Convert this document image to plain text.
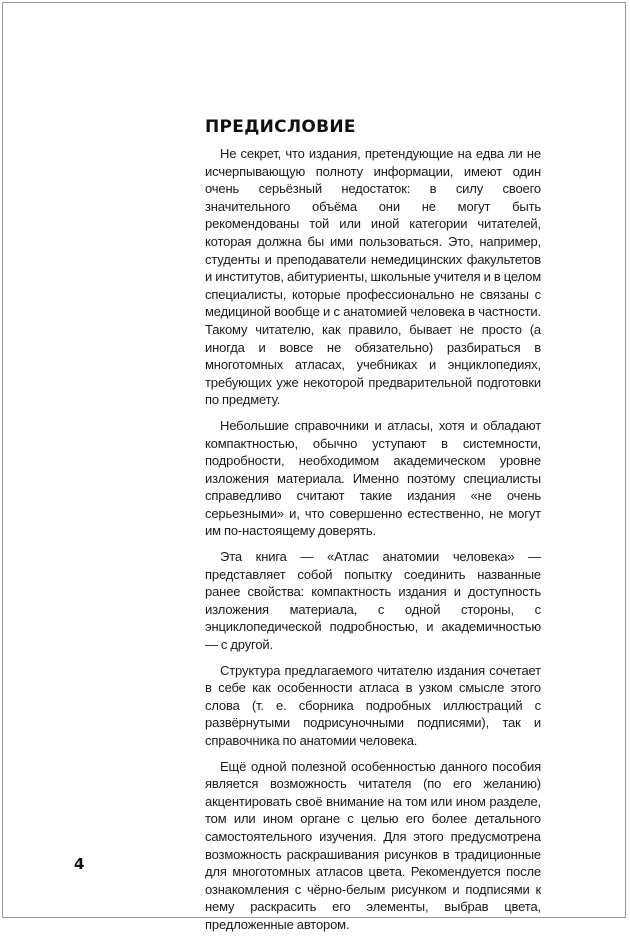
ПРЕДИСЛОВИЕ

Не секрет, что издания, претендующие на едва ли не исчерпывающую полноту информации, имеют один очень серьёзный недостаток: в силу своего значительного объёма они не могут быть рекомендованы той или иной категории читателей, которая должна бы ими пользоваться. Это, например, студенты и преподаватели немедицинских факультетов и институтов, абитуриенты, школьные учителя и в целом специалисты, которые профессионально не связаны с медициной вообще и с анатомией человека в частности. Такому читателю, как правило, бывает не просто (а иногда и вовсе не обязательно) разбираться в многотомных атласах, учебниках и энциклопедиях, требующих уже некоторой предварительной подготовки по предмету.

Небольшие справочники и атласы, хотя и обладают компактностью, обычно уступают в системности, подробности, необходимом академическом уровне изложения материала. Именно поэтому специалисты справедливо считают такие издания «не очень серьезными» и, что совершенно естественно, не могут им по-настоящему доверять.

Эта книга — «Атлас анатомии человека» — представляет собой попытку соединить названные ранее свойства: компактность издания и доступность изложения материала, с одной стороны, с энциклопедической подробностью, и академичностью — с другой.

Структура предлагаемого читателю издания сочетает в себе как особенности атласа в узком смысле этого слова (т. е. сборника подробных иллюстраций с развёрнутыми подрисуночными подписями), так и справочника по анатомии человека.

Ещё одной полезной особенностью данного пособия является возможность читателя (по его желанию) акцентировать своё внимание на том или ином разделе, том или ином органе с целью его более детального самостоятельного изучения. Для этого предусмотрена возможность раскрашивания рисунков в традиционные для многотомных атласов цвета. Рекомендуется после ознакомления с чёрно-белым рисунком и подписями к нему раскрасить его элементы, выбрав цвета, предложенные автором.

4
